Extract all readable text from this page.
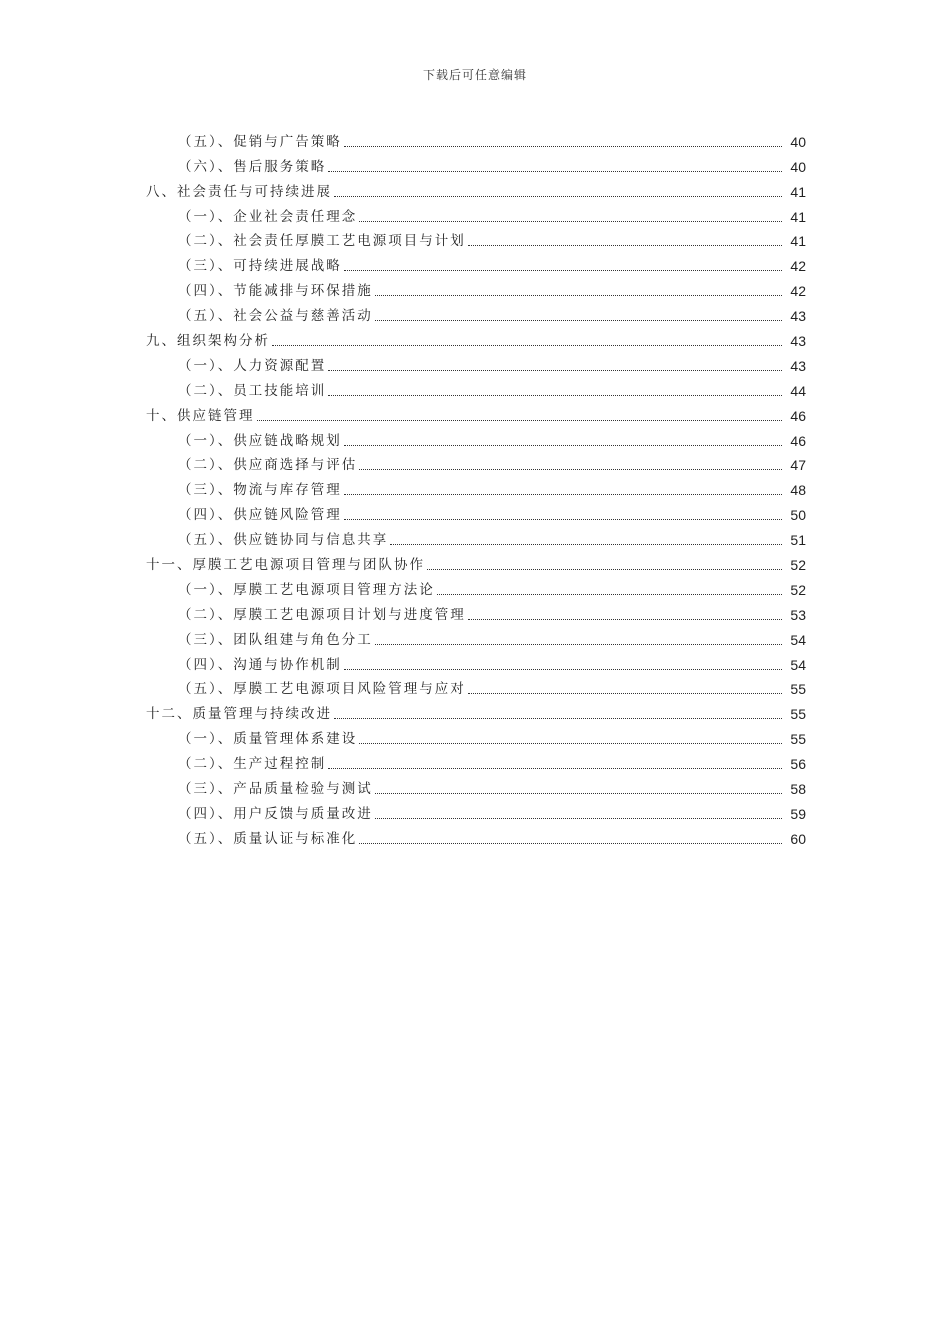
下载后可任意编辑
（五）、促销与广告策略	40
（六）、售后服务策略	40
八、社会责任与可持续进展	41
（一）、企业社会责任理念	41
（二）、社会责任厚膜工艺电源项目与计划	41
（三）、可持续进展战略	42
（四）、节能减排与环保措施	42
（五）、社会公益与慈善活动	43
九、组织架构分析	43
（一）、人力资源配置	43
（二）、员工技能培训	44
十、供应链管理	46
（一）、供应链战略规划	46
（二）、供应商选择与评估	47
（三）、物流与库存管理	48
（四）、供应链风险管理	50
（五）、供应链协同与信息共享	51
十一、厚膜工艺电源项目管理与团队协作	52
（一）、厚膜工艺电源项目管理方法论	52
（二）、厚膜工艺电源项目计划与进度管理	53
（三）、团队组建与角色分工	54
（四）、沟通与协作机制	54
（五）、厚膜工艺电源项目风险管理与应对	55
十二、质量管理与持续改进	55
（一）、质量管理体系建设	55
（二）、生产过程控制	56
（三）、产品质量检验与测试	58
（四）、用户反馈与质量改进	59
（五）、质量认证与标准化	60
